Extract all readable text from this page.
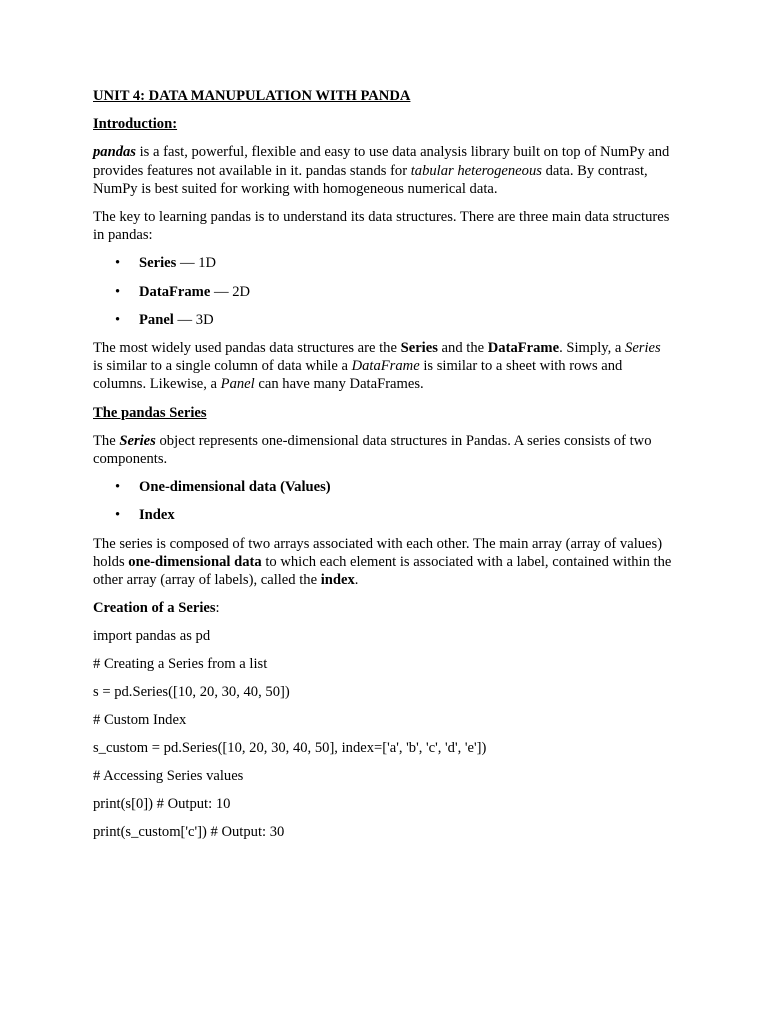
UNIT 4: DATA MANUPULATION WITH PANDA

Introduction:

pandas is a fast, powerful, flexible and easy to use data analysis library built on top of NumPy and provides features not available in it. pandas stands for tabular heterogeneous data. By contrast, NumPy is best suited for working with homogeneous numerical data.

The key to learning pandas is to understand its data structures. There are three main data structures in pandas:

• Series — 1D
• DataFrame — 2D
• Panel — 3D

The most widely used pandas data structures are the Series and the DataFrame. Simply, a Series is similar to a single column of data while a DataFrame is similar to a sheet with rows and columns. Likewise, a Panel can have many DataFrames.

The pandas Series

The Series object represents one-dimensional data structures in Pandas. A series consists of two components.

• One-dimensional data (Values)
• Index

The series is composed of two arrays associated with each other. The main array (array of values) holds one-dimensional data to which each element is associated with a label, contained within the other array (array of labels), called the index.

Creation of a Series:

import pandas as pd

# Creating a Series from a list

s = pd.Series([10, 20, 30, 40, 50])

# Custom Index

s_custom = pd.Series([10, 20, 30, 40, 50], index=['a', 'b', 'c', 'd', 'e'])

# Accessing Series values

print(s[0]) # Output: 10

print(s_custom['c']) # Output: 30
